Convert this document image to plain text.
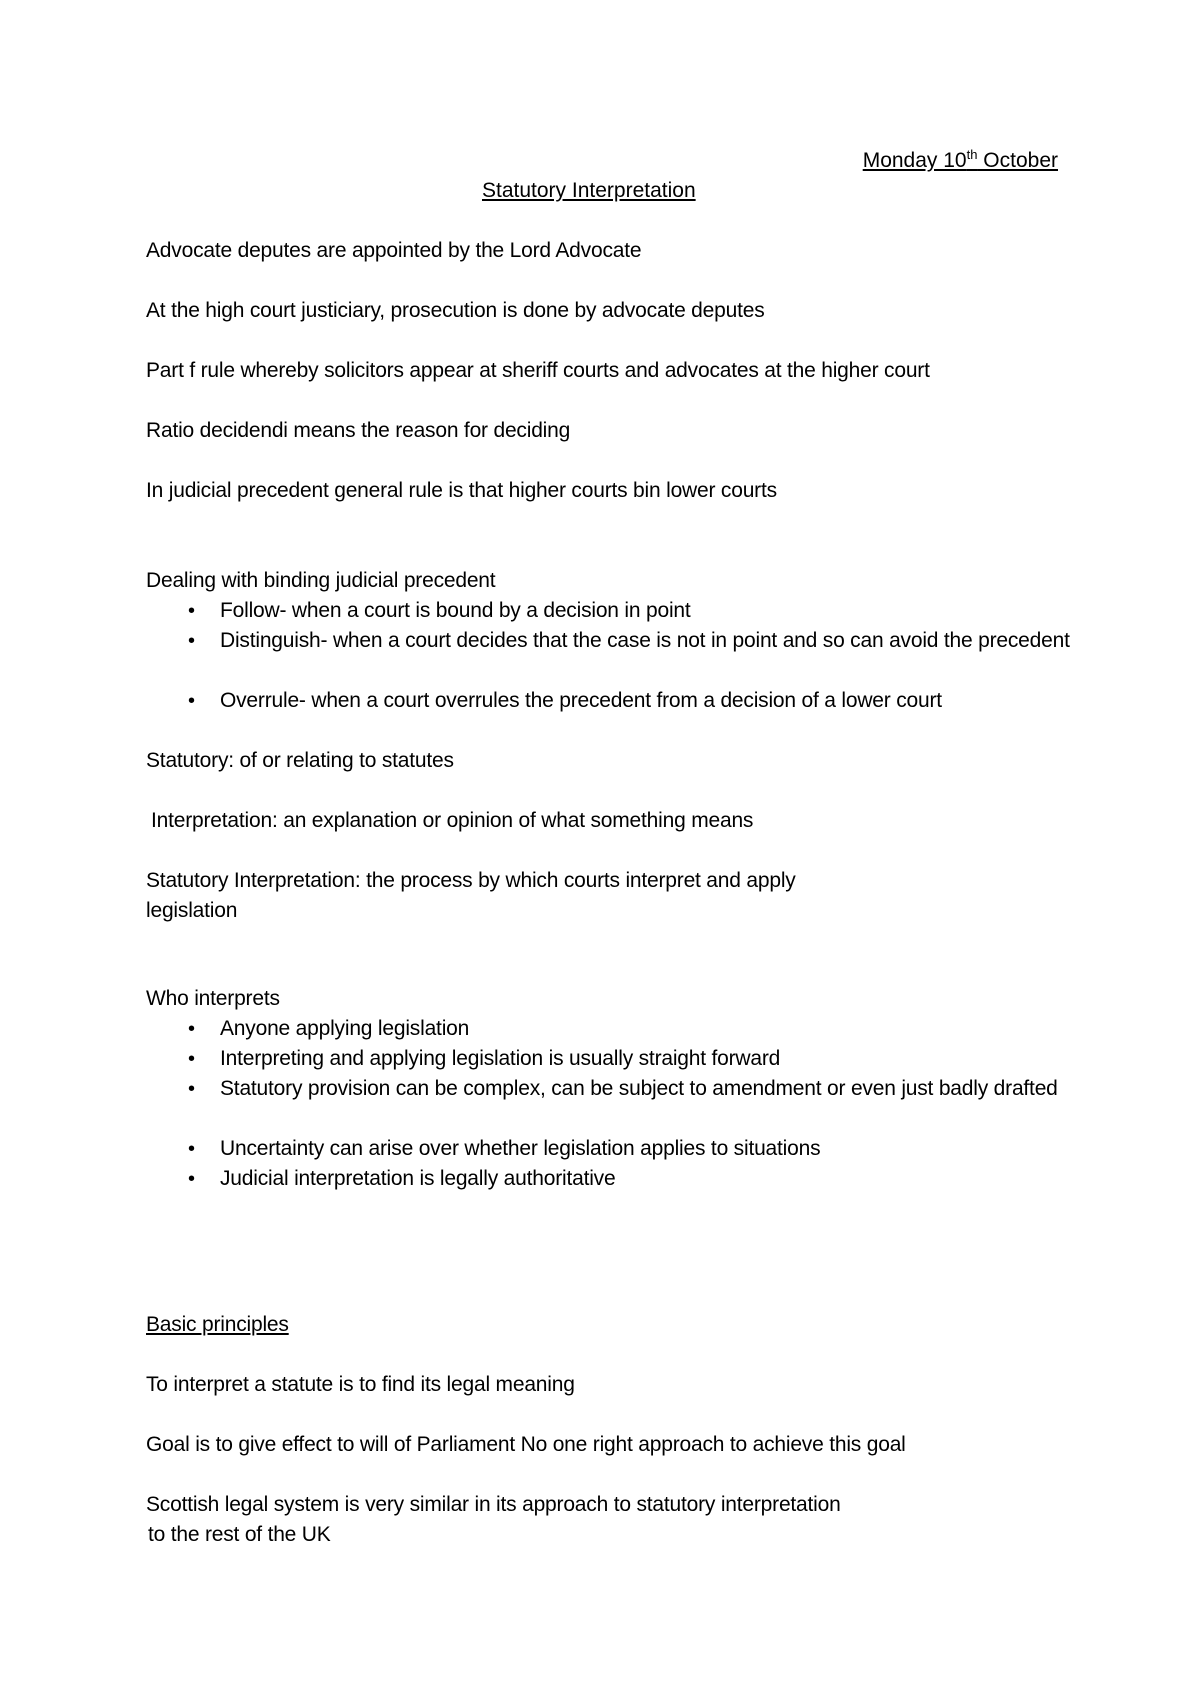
Monday 10th October
Statutory Interpretation
Advocate deputes are appointed by the Lord Advocate
At the high court justiciary, prosecution is done by advocate deputes
Part f rule whereby solicitors appear at sheriff courts and advocates at the higher court
Ratio decidendi means the reason for deciding
In judicial precedent general rule is that higher courts bin lower courts
Dealing with binding judicial precedent
• Follow- when a court is bound by a decision in point
• Distinguish- when a court decides that the case is not in point and so can avoid the precedent
• Overrule- when a court overrules the precedent from a decision of a lower court
Statutory: of or relating to statutes
Interpretation: an explanation or opinion of what something means
Statutory Interpretation: the process by which courts interpret and apply
legislation
Who interprets
• Anyone applying legislation
• Interpreting and applying legislation is usually straight forward
• Statutory provision can be complex, can be subject to amendment or even just badly drafted
• Uncertainty can arise over whether legislation applies to situations
• Judicial interpretation is legally authoritative
Basic principles
To interpret a statute is to find its legal meaning
Goal is to give effect to will of Parliament No one right approach to achieve this goal
Scottish legal system is very similar in its approach to statutory interpretation
to the rest of the UK
